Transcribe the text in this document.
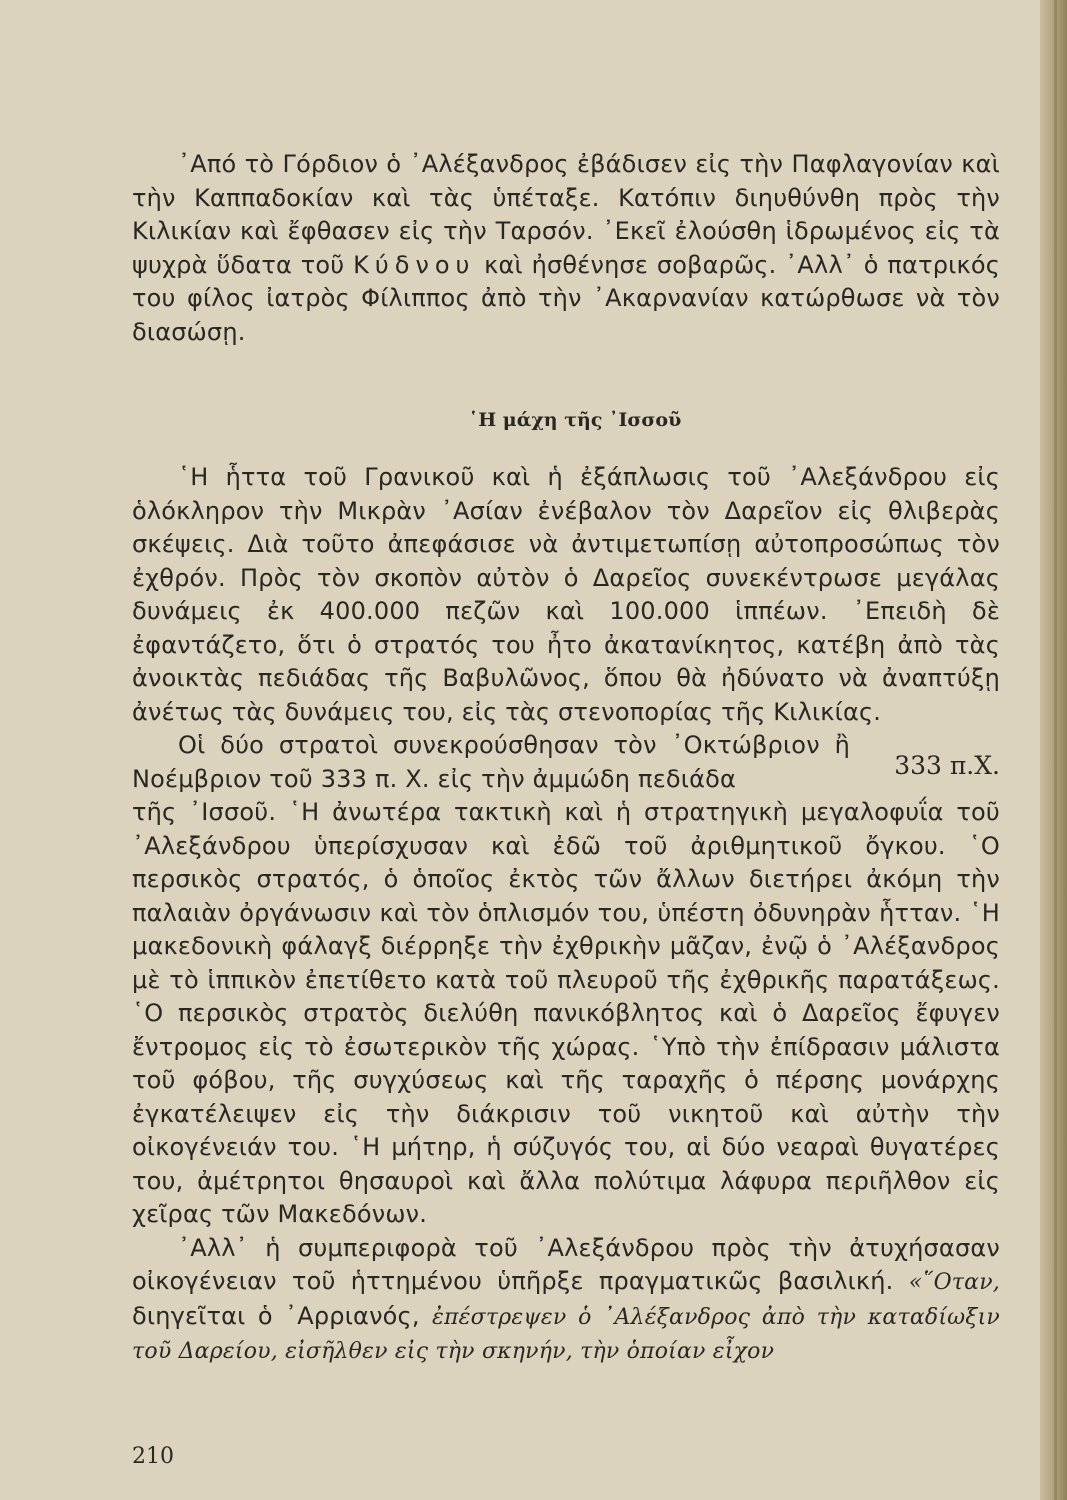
᾿Από τὸ Γόρδιον ὁ ᾿Αλέξανδρος ἐβάδισεν εἰς τὴν Παφλαγονίαν καὶ τὴν Καππαδοκίαν καὶ τὰς ὑπέταξε. Κατόπιν διηυθύνθη πρὸς τὴν Κιλικίαν καὶ ἔφθασεν εἰς τὴν Ταρσόν. ᾿Εκεῖ ἐλούσθη ἱδρωμένος εἰς τὰ ψυχρὰ ὕδατα τοῦ Κύδνου καὶ ἠσθένησε σοβαρῶς. ᾿Αλλ᾿ ὁ πατρικός του φίλος ἰατρὸς Φίλιππος ἀπὸ τὴν ᾿Ακαρνανίαν κατώρθωσε νὰ τὸν διασώσῃ.

῾Η μάχη τῆς ᾿Ισσοῦ

῾Η ἧττα τοῦ Γρανικοῦ καὶ ἡ ἐξάπλωσις τοῦ ᾿Αλεξάνδρου εἰς ὁλόκληρον τὴν Μικρὰν ᾿Ασίαν ἐνέβαλον τὸν Δαρεῖον εἰς θλιβερὰς σκέψεις. Διὰ τοῦτο ἀπεφάσισε νὰ ἀντιμετωπίσῃ αὐτοπροσώπως τὸν ἐχθρόν. Πρὸς τὸν σκοπὸν αὐτὸν ὁ Δαρεῖος συνεκέντρωσε μεγάλας δυνάμεις ἐκ 400.000 πεζῶν καὶ 100.000 ἱππέων. ᾿Επειδὴ δὲ ἐφαντάζετο, ὅτι ὁ στρατός του ἦτο ἀκατανίκητος, κατέβη ἀπὸ τὰς ἀνοικτὰς πεδιάδας τῆς Βαβυλῶνος, ὅπου θὰ ἠδύνατο νὰ ἀναπτύξῃ ἀνέτως τὰς δυνάμεις του, εἰς τὰς στενοπορίας τῆς Κιλικίας.

Οἱ δύο στρατοὶ συνεκρούσθησαν τὸν ᾿Οκτώβριον ἢ Νοέμβριον τοῦ 333 π. Χ. εἰς τὴν ἀμμώδη πεδιάδα	333 π.Χ.

τῆς ᾿Ισσοῦ. ῾Η ἀνωτέρα τακτικὴ καὶ ἡ στρατηγικὴ μεγαλοφυΐα τοῦ ᾿Αλεξάνδρου ὑπερίσχυσαν καὶ ἐδῶ τοῦ ἀριθμητικοῦ ὄγκου. ῾Ο περσικὸς στρατός, ὁ ὁποῖος ἐκτὸς τῶν ἄλλων διετήρει ἀκόμη τὴν παλαιὰν ὀργάνωσιν καὶ τὸν ὁπλισμόν του, ὑπέστη ὀδυνηρὰν ἧτταν. ῾Η μακεδονικὴ φάλαγξ διέρρηξε τὴν ἐχθρικὴν μᾶζαν, ἐνῷ ὁ ᾿Αλέξανδρος μὲ τὸ ἱππικὸν ἐπετίθετο κατὰ τοῦ πλευροῦ τῆς ἐχθρικῆς παρατάξεως. ῾Ο περσικὸς στρατὸς διελύθη πανικόβλητος καὶ ὁ Δαρεῖος ἔφυγεν ἔντρομος εἰς τὸ ἐσωτερικὸν τῆς χώρας. ῾Υπὸ τὴν ἐπίδρασιν μάλιστα τοῦ φόβου, τῆς συγχύσεως καὶ τῆς ταραχῆς ὁ πέρσης μονάρχης ἐγκατέλειψεν εἰς τὴν διάκρισιν τοῦ νικητοῦ καὶ αὐτὴν τὴν οἰκογένειάν του. ῾Η μήτηρ, ἡ σύζυγός του, αἱ δύο νεαραὶ θυγατέρες του, ἀμέτρητοι θησαυροὶ καὶ ἄλλα πολύτιμα λάφυρα περιῆλθον εἰς χεῖρας τῶν Μακεδόνων.

᾿Αλλ᾿ ἡ συμπεριφορὰ τοῦ ᾿Αλεξάνδρου πρὸς τὴν ἀτυχήσασαν οἰκογένειαν τοῦ ἡττημένου ὑπῆρξε πραγματικῶς βασιλική. «῞Οταν, διηγεῖται ὁ ᾿Αρριανός, ἐπέστρεψεν ὁ ᾿Αλέξανδρος ἀπὸ τὴν καταδίωξιν τοῦ Δαρείου, εἰσῆλθεν εἰς τὴν σκηνήν, τὴν ὁποίαν εἶχον

210
